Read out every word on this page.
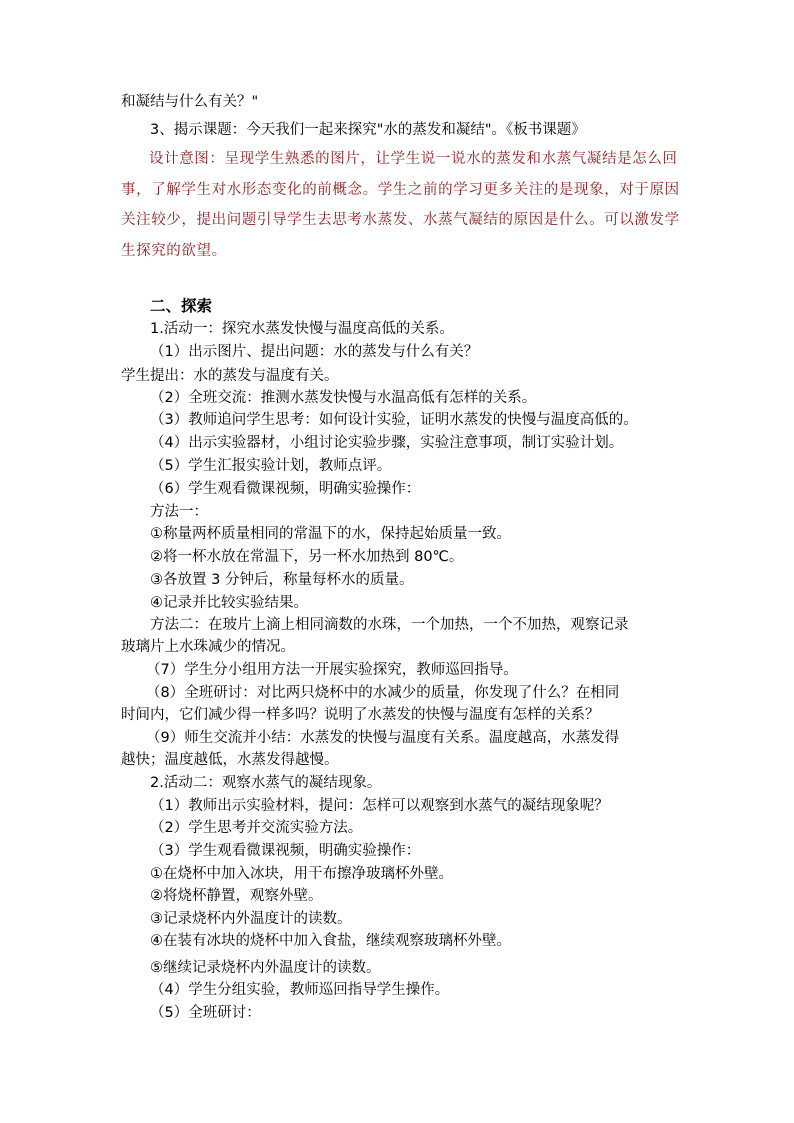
和凝结与什么有关？"

3、揭示课题：今天我们一起来探究"水的蒸发和凝结"。《板书课题》

设计意图：呈现学生熟悉的图片，让学生说一说水的蒸发和水蒸气凝结是怎么回事，了解学生对水形态变化的前概念。学生之前的学习更多关注的是现象，对于原因关注较少，提出问题引导学生去思考水蒸发、水蒸气凝结的原因是什么。可以激发学生探究的欲望。

二、探索

1.活动一：探究水蒸发快慢与温度高低的关系。

（1）出示图片、提出问题：水的蒸发与什么有关？

学生提出：水的蒸发与温度有关。

（2）全班交流：推测水蒸发快慢与水温高低有怎样的关系。

（3）教师追问学生思考：如何设计实验，证明水蒸发的快慢与温度高低的。

（4）出示实验器材，小组讨论实验步骤，实验注意事项，制订实验计划。

（5）学生汇报实验计划，教师点评。

（6）学生观看微课视频，明确实验操作：

方法一：

①称量两杯质量相同的常温下的水，保持起始质量一致。

②将一杯水放在常温下，另一杯水加热到 80℃。

③各放置 3 分钟后，称量每杯水的质量。

④记录并比较实验结果。

方法二：在玻片上滴上相同滴数的水珠，一个加热，一个不加热，观察记录

玻璃片上水珠减少的情况。

（7）学生分小组用方法一开展实验探究，教师巡回指导。

（8）全班研讨：对比两只烧杯中的水减少的质量，你发现了什么？在相同

时间内，它们减少得一样多吗？说明了水蒸发的快慢与温度有怎样的关系？

（9）师生交流并小结：水蒸发的快慢与温度有关系。温度越高，水蒸发得

越快；温度越低，水蒸发得越慢。

2.活动二：观察水蒸气的凝结现象。

（1）教师出示实验材料，提问：怎样可以观察到水蒸气的凝结现象呢？

（2）学生思考并交流实验方法。

（3）学生观看微课视频，明确实验操作：

①在烧杯中加入冰块，用干布擦净玻璃杯外壁。

②将烧杯静置，观察外壁。

③记录烧杯内外温度计的读数。

④在装有冰块的烧杯中加入食盐，继续观察玻璃杯外壁。

⑤继续记录烧杯内外温度计的读数。

（4）学生分组实验，教师巡回指导学生操作。

（5）全班研讨：
